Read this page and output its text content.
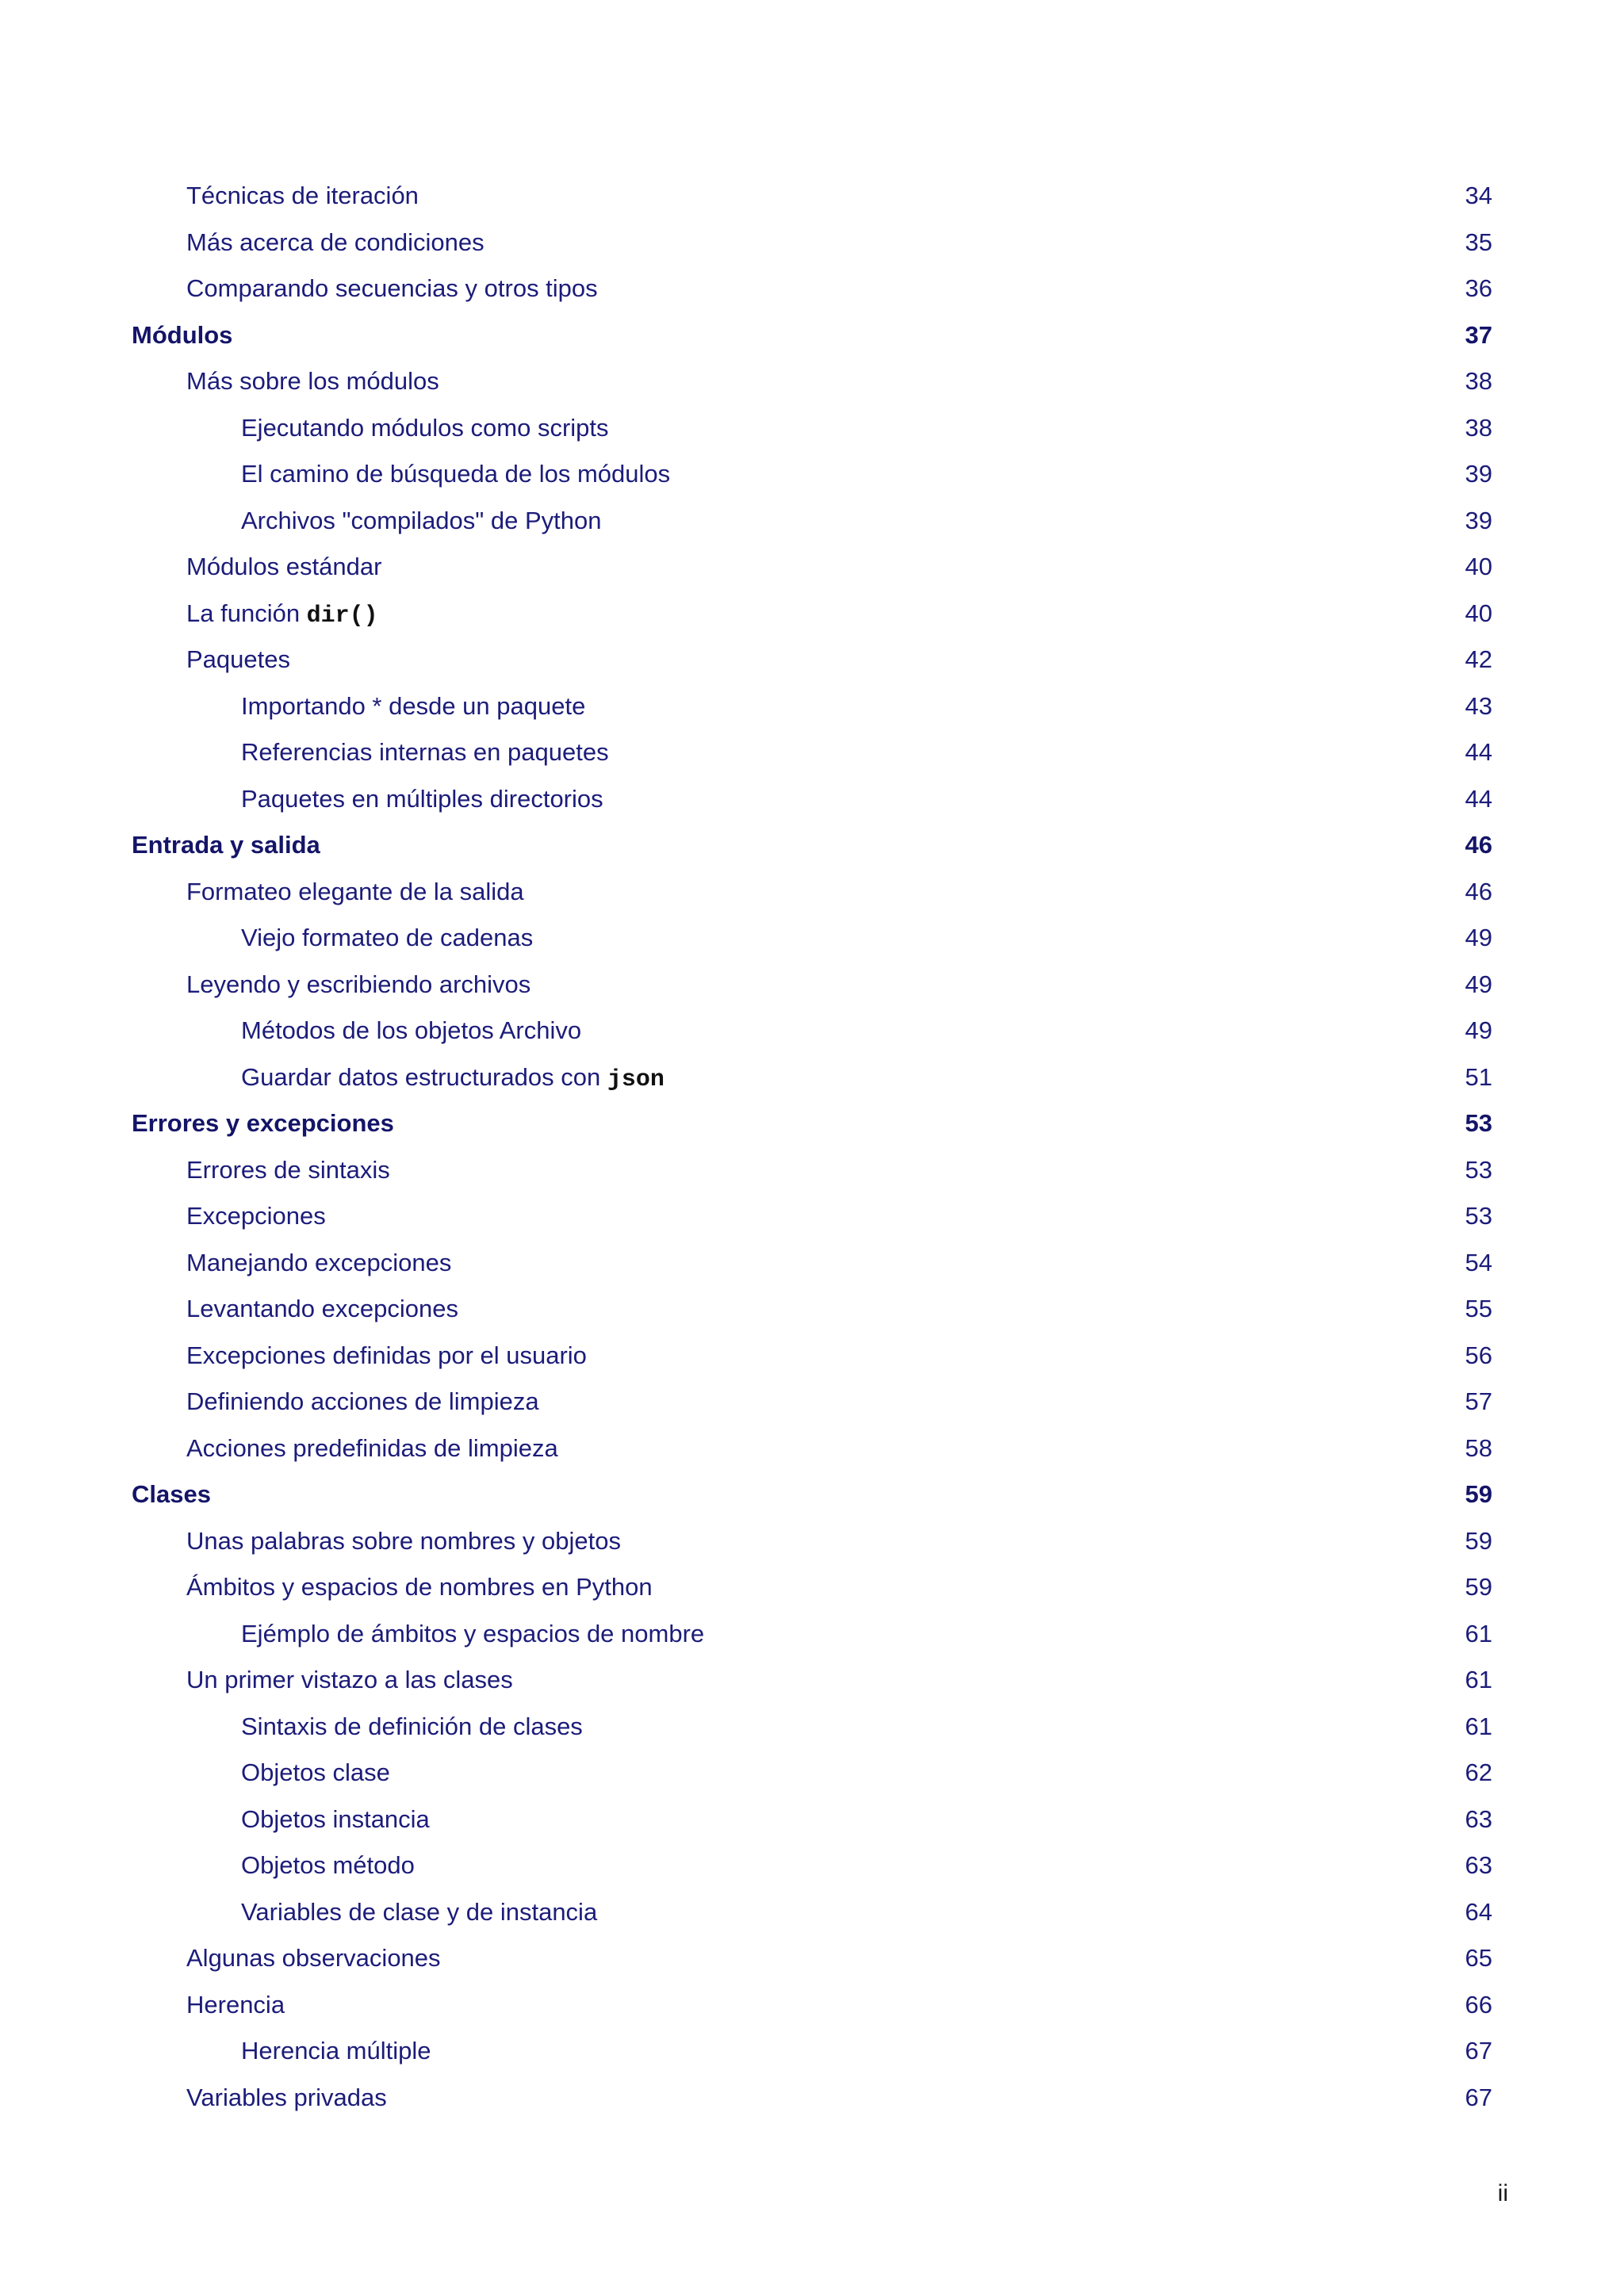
Técnicas de iteración	34
Más acerca de condiciones	35
Comparando secuencias y otros tipos	36
Módulos	37
Más sobre los módulos	38
Ejecutando módulos como scripts	38
El camino de búsqueda de los módulos	39
Archivos "compilados" de Python	39
Módulos estándar	40
La función dir()	40
Paquetes	42
Importando * desde un paquete	43
Referencias internas en paquetes	44
Paquetes en múltiples directorios	44
Entrada y salida	46
Formateo elegante de la salida	46
Viejo formateo de cadenas	49
Leyendo y escribiendo archivos	49
Métodos de los objetos Archivo	49
Guardar datos estructurados con json	51
Errores y excepciones	53
Errores de sintaxis	53
Excepciones	53
Manejando excepciones	54
Levantando excepciones	55
Excepciones definidas por el usuario	56
Definiendo acciones de limpieza	57
Acciones predefinidas de limpieza	58
Clases	59
Unas palabras sobre nombres y objetos	59
Ámbitos y espacios de nombres en Python	59
Ejémplo de ámbitos y espacios de nombre	61
Un primer vistazo a las clases	61
Sintaxis de definición de clases	61
Objetos clase	62
Objetos instancia	63
Objetos método	63
Variables de clase y de instancia	64
Algunas observaciones	65
Herencia	66
Herencia múltiple	67
Variables privadas	67
ii
